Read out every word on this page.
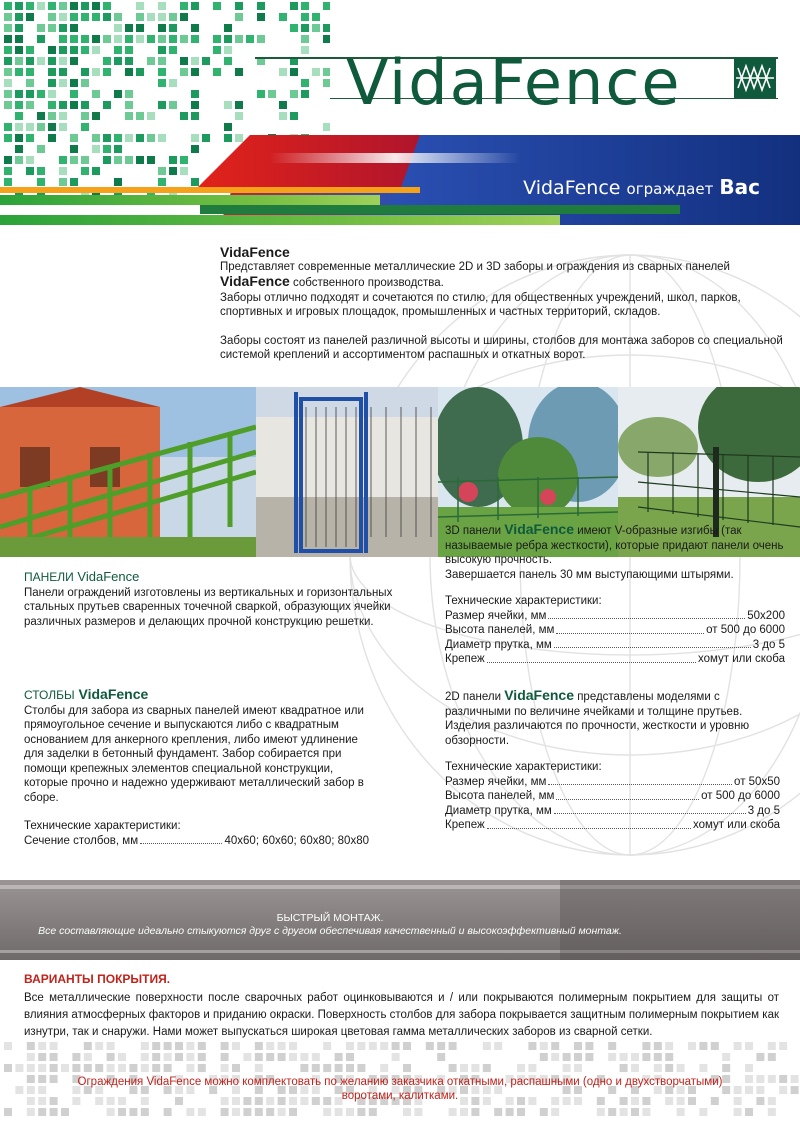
VidaFence
VidaFence ограждает Вас
VidaFence

Представляет современные металлические 2D и 3D заборы и ограждения из сварных панелей

VidaFence собственного производства.

Заборы отлично подходят и сочетаются по стилю, для общественных учреждений, школ, парков, спортивных и игровых площадок, промышленных и частных территорий, складов.

Заборы состоят из панелей различной высоты и ширины, столбов для монтажа заборов со специальной системой креплений и ассортиментом распашных и откатных ворот.

3D панели VidaFence имеют V-образные изгибы (так называемые ребра жесткости), которые придают панели очень высокую прочность.

Завершается панель 30 мм выступающими штырями.

Технические характеристики:

Размер ячейки, мм	50x200
Высота панелей, мм	от 500 до 6000
Диаметр прутка, мм	3 до 5
Крепеж	хомут или скоба
ПАНЕЛИ VidaFence

Панели ограждений изготовлены из вертикальных и горизонтальных стальных прутьев сваренных точечной сваркой, образующих ячейки различных размеров и делающих прочной конструкцию решетки.

СТОЛБЫ VidaFence

Столбы для забора из сварных панелей имеют квадратное или прямоугольное сечение и выпускаются либо с квадратным основанием для анкерного крепления, либо имеют удлинение для заделки в бетонный фундамент. Забор собирается при помощи крепежных элементов специальной конструкции, которые прочно и надежно удерживают металлический забор в сборе.

Технические характеристики:

Сечение столбов, мм	40x60; 60x60; 60x80; 80x80

2D панели VidaFence представлены моделями с различными по величине ячейками и толщине прутьев. Изделия различаются по прочности, жесткости и уровню обзорности.

Технические характеристики:

Размер ячейки, мм	от 50x50
Высота панелей, мм	от 500 до 6000
Диаметр прутка, мм	3 до 5
Крепеж	хомут или скоба
БЫСТРЫЙ МОНТАЖ.
Все составляющие идеально стыкуются друг с другом обеспечивая качественный и высокоэффективный монтаж.
ВАРИАНТЫ ПОКРЫТИЯ.
Все металлические поверхности после сварочных работ оцинковываются и / или покрываются полимерным покрытием для защиты от влияния атмосферных факторов и приданию окраски. Поверхность столбов для забора покрывается защитным полимерным покрытием как изнутри, так и снаружи. Нами может выпускаться широкая цветовая гамма металлических заборов из сварной сетки.
Ограждения VidaFence можно комплектовать по желанию заказчика откатными, распашными (одно и двухстворчатыми)
воротами, калитками.
